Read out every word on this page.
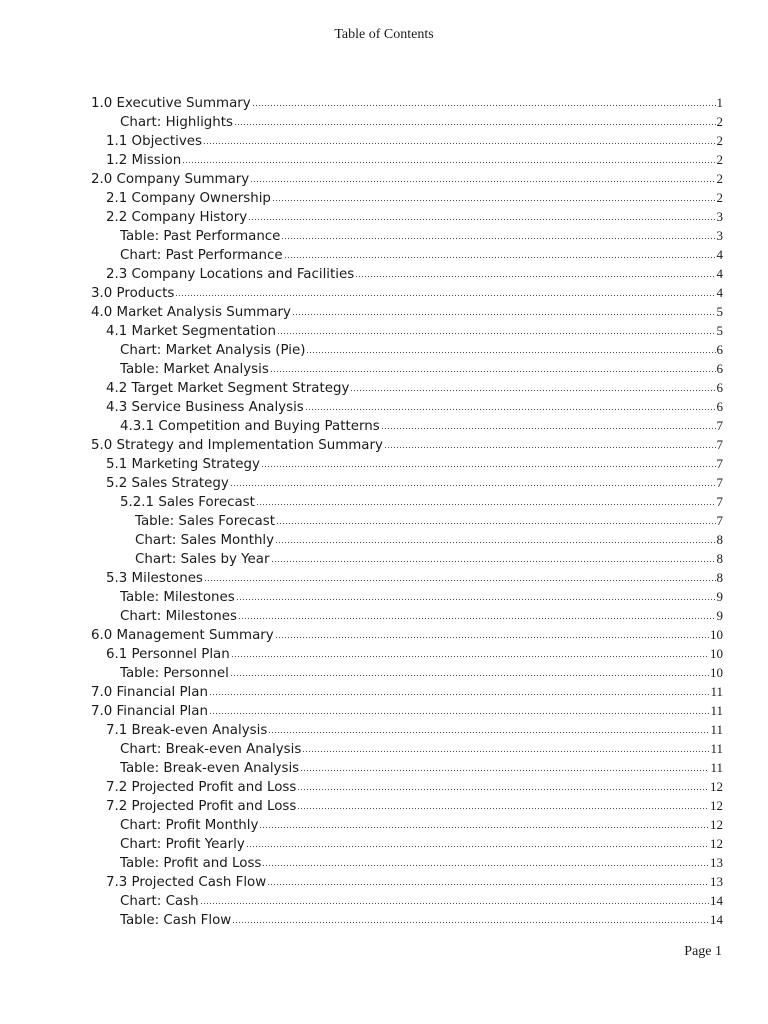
Table of Contents
1.0 Executive Summary	1
Chart: Highlights	2
1.1 Objectives	2
1.2 Mission	2
2.0 Company Summary	2
2.1 Company Ownership	2
2.2 Company History	3
Table: Past Performance	3
Chart: Past Performance	4
2.3 Company Locations and Facilities	4
3.0 Products	4
4.0 Market Analysis Summary	5
4.1 Market Segmentation	5
Chart: Market Analysis (Pie)	6
Table: Market Analysis	6
4.2 Target Market Segment Strategy	6
4.3 Service Business Analysis	6
4.3.1 Competition and Buying Patterns	7
5.0 Strategy and Implementation Summary	7
5.1 Marketing Strategy	7
5.2 Sales Strategy	7
5.2.1 Sales Forecast	7
Table: Sales Forecast	7
Chart: Sales Monthly	8
Chart: Sales by Year	8
5.3 Milestones	8
Table: Milestones	9
Chart: Milestones	9
6.0 Management Summary	10
6.1 Personnel Plan	10
Table: Personnel	10
7.0 Financial Plan	11
7.0 Financial Plan	11
7.1 Break-even Analysis	11
Chart: Break-even Analysis	11
Table: Break-even Analysis	11
7.2 Projected Profit and Loss	12
7.2 Projected Profit and Loss	12
Chart: Profit Monthly	12
Chart: Profit Yearly	12
Table: Profit and Loss	13
7.3 Projected Cash Flow	13
Chart: Cash	14
Table: Cash Flow	14
Page 1
